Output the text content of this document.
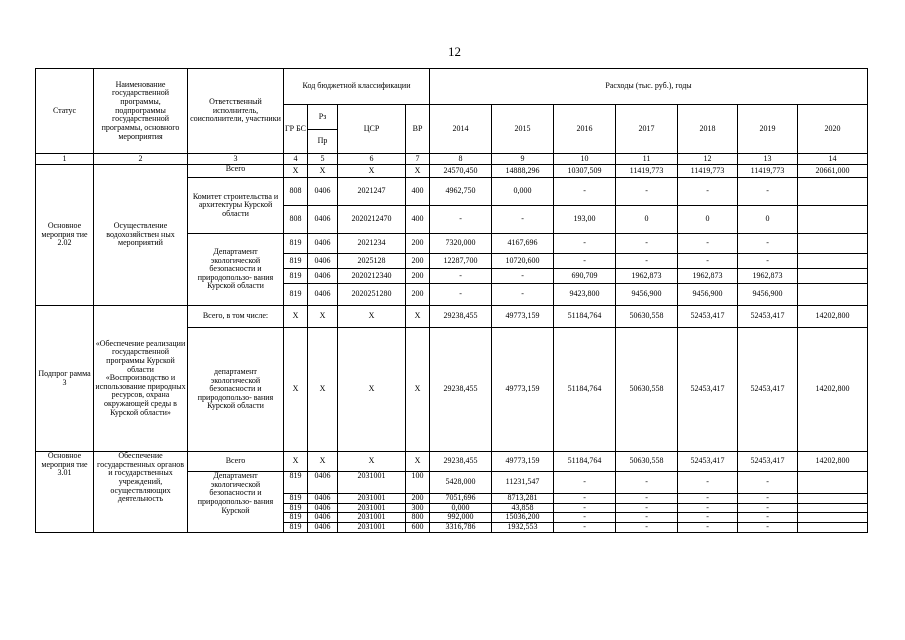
12
Статус	Наименование государственной программы, подпрограммы государственной программы, основного мероприятия	Ответственный исполнитель, соисполнители, участники	Код бюджетной классификации				Расходы (тыс. руб.), годы						
			ГР БС	Рз	ЦСР	ВР	2014	2015	2016	2017	2018	2019	2020
				Пр									
1	2	3	4	5	6	7	8	9	10	11	12	13	14
Основное мероприя тие 2.02	Осуществление водохозяйствен ных мероприятий	Всего	X	X	X	X	24570,450	14888,296	10307,509	11419,773	11419,773	11419,773	20661,000
		Комитет строительства и архитектуры Курской области	808	0406	2021247	400	4962,750	0,000	-	-	-	-	
			808	0406	2020212470	400	-	-	193,00	0	0	0	
		Департамент экологической безопасности и природопользо- вания Курской области	819	0406	2021234	200	7320,000	4167,696	-	-	-	-	
			819	0406	2025128	200	12287,700	10720,600	-	-	-	-	
			819	0406	2020212340	200	-	-	690,709	1962,873	1962,873	1962,873	
			819	0406	2020251280	200	-	-	9423,800	9456,900	9456,900	9456,900	
Подпрог рамма 3	«Обеспечение реализации государственной программы Курской области «Воспроизводство и использование природных ресурсов, охрана окружающей среды в Курской области»	Всего, в том числе:	X	X	X	X	29238,455	49773,159	51184,764	50630,558	52453,417	52453,417	14202,800
		департамент экологической безопасности и природопользо- вания Курской области	X	X	X	X	29238,455	49773,159	51184,764	50630,558	52453,417	52453,417	14202,800
Основное мероприя тие 3.01	Обеспечение государственных органов и государственных учреждений, осуществляющих деятельность	Всего	X	X	X	X	29238,455	49773,159	51184,764	50630,558	52453,417	52453,417	14202,800
		Департамент экологической безопасности и природопользо- вания Курской	819	0406	2031001	100	5428,000	11231,547	-	-	-	-	
			819	0406	2031001	200	7051,696	8713,281	-	-	-	-	
			819	0406	2031001	300	0,000	43,858	-	-	-	-	
			819	0406	2031001	800	992,000	15036,200	-	-	-	-	
			819	0406	2031001	600	3316,786	1932,553	-	-	-	-	
